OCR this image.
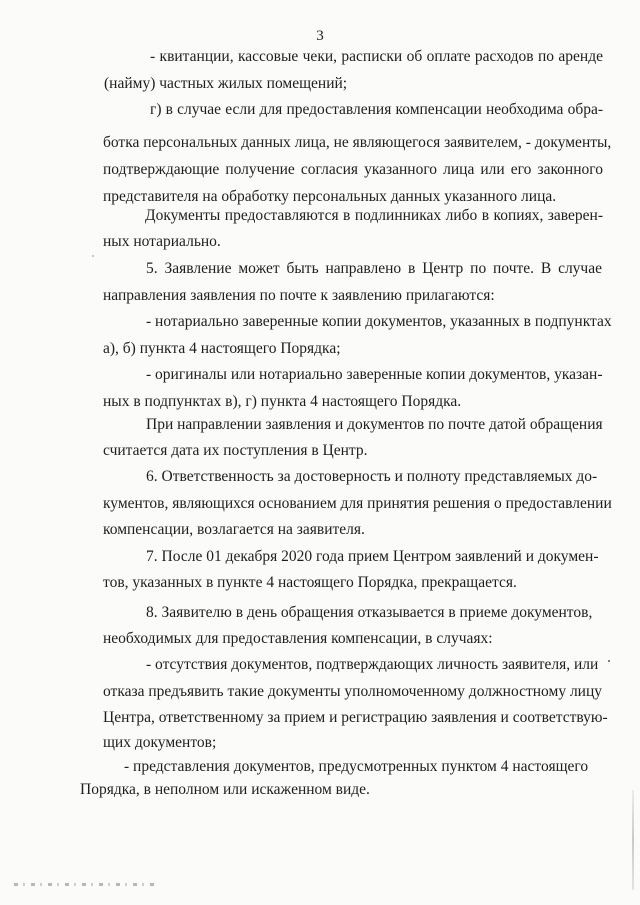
3
- квитанции, кассовые чеки, расписки об оплате расходов по аренде
(найму) частных жилых помещений;
г) в случае если для предоставления компенсации необходима обра-
ботка персональных данных лица, не являющегося заявителем, - документы,
подтверждающие получение согласия указанного лица или его законного
представителя на обработку персональных данных указанного лица.
Документы предоставляются в подлинниках либо в копиях, заверен-
ных нотариально.
5. Заявление может быть направлено в Центр по почте. В случае
направления заявления по почте к заявлению прилагаются:
- нотариально заверенные копии документов, указанных в подпунктах
а), б) пункта 4 настоящего Порядка;
- оригиналы или нотариально заверенные копии документов, указан-
ных в подпунктах в), г) пункта 4 настоящего Порядка.
При направлении заявления и документов по почте датой обращения
считается дата их поступления в Центр.
6. Ответственность за достоверность и полноту представляемых до-
кументов, являющихся основанием для принятия решения о предоставлении
компенсации, возлагается на заявителя.
7. После 01 декабря 2020 года прием Центром заявлений и докумен-
тов, указанных в пункте 4 настоящего Порядка, прекращается.
8. Заявителю в день обращения отказывается в приеме документов,
необходимых для предоставления компенсации, в случаях:
- отсутствия документов, подтверждающих личность заявителя, или
отказа предъявить такие документы уполномоченному должностному лицу
Центра, ответственному за прием и регистрацию заявления и соответствую-
щих документов;
- представления документов, предусмотренных пунктом 4 настоящего
Порядка, в неполном или искаженном виде.
